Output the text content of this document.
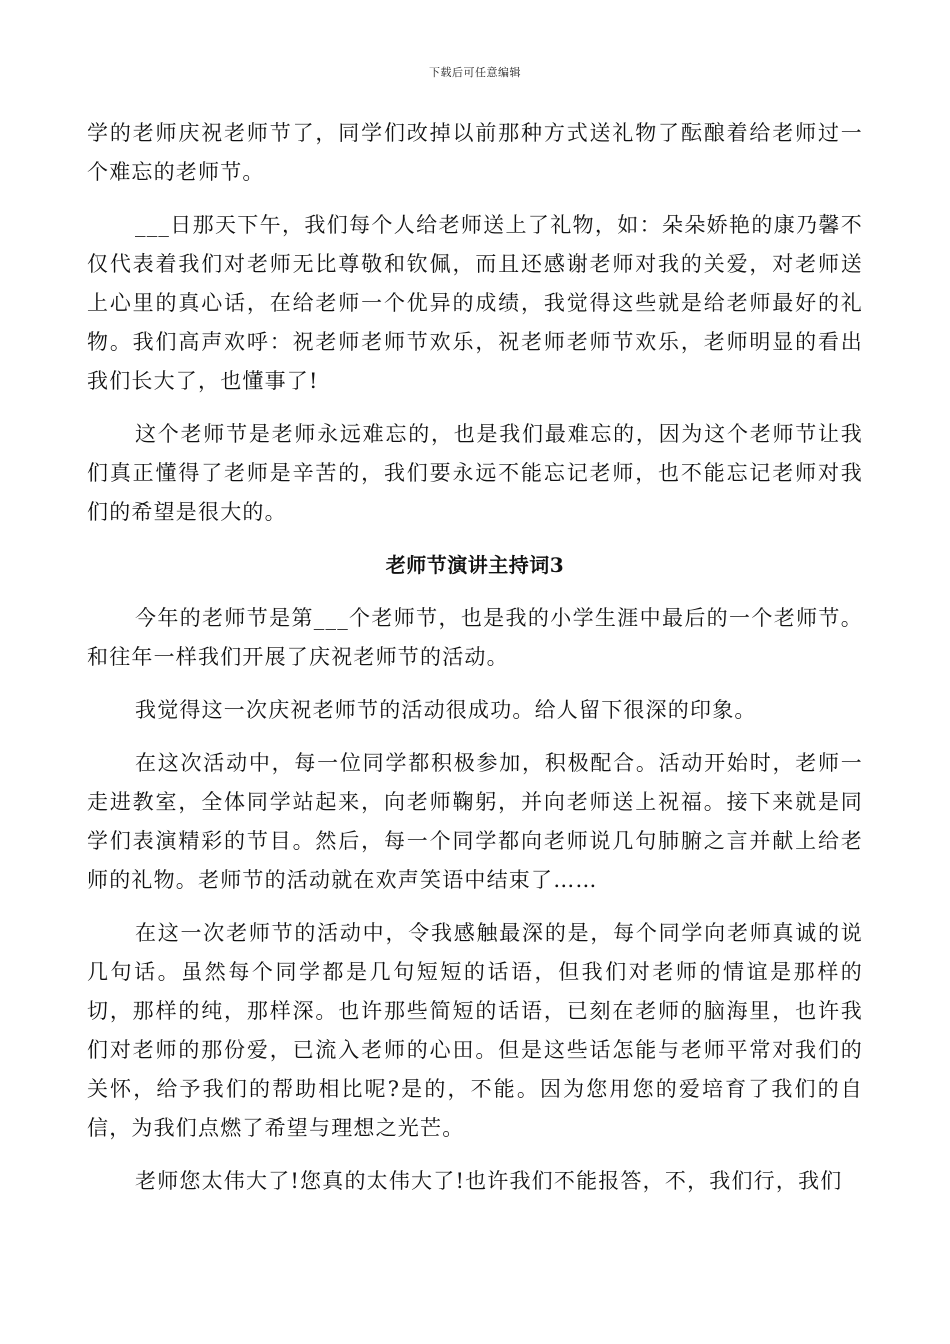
下载后可任意编辑

学的老师庆祝老师节了，同学们改掉以前那种方式送礼物了酝酿着给老师过一个难忘的老师节。

___日那天下午，我们每个人给老师送上了礼物，如：朵朵娇艳的康乃馨不仅代表着我们对老师无比尊敬和钦佩，而且还感谢老师对我的关爱，对老师送上心里的真心话，在给老师一个优异的成绩，我觉得这些就是给老师最好的礼物。我们高声欢呼：祝老师老师节欢乐，祝老师老师节欢乐，老师明显的看出我们长大了，也懂事了!

这个老师节是老师永远难忘的，也是我们最难忘的，因为这个老师节让我们真正懂得了老师是辛苦的，我们要永远不能忘记老师，也不能忘记老师对我们的希望是很大的。

老师节演讲主持词3

今年的老师节是第___个老师节，也是我的小学生涯中最后的一个老师节。和往年一样我们开展了庆祝老师节的活动。

我觉得这一次庆祝老师节的活动很成功。给人留下很深的印象。

在这次活动中，每一位同学都积极参加，积极配合。活动开始时，老师一走进教室，全体同学站起来，向老师鞠躬，并向老师送上祝福。接下来就是同学们表演精彩的节目。然后，每一个同学都向老师说几句肺腑之言并献上给老师的礼物。老师节的活动就在欢声笑语中结束了……

在这一次老师节的活动中，令我感触最深的是，每个同学向老师真诚的说几句话。虽然每个同学都是几句短短的话语，但我们对老师的情谊是那样的切，那样的纯，那样深。也许那些简短的话语，已刻在老师的脑海里，也许我们对老师的那份爱，已流入老师的心田。但是这些话怎能与老师平常对我们的关怀，给予我们的帮助相比呢?是的，不能。因为您用您的爱培育了我们的自信，为我们点燃了希望与理想之光芒。

老师您太伟大了!您真的太伟大了!也许我们不能报答，不，我们行，我们
